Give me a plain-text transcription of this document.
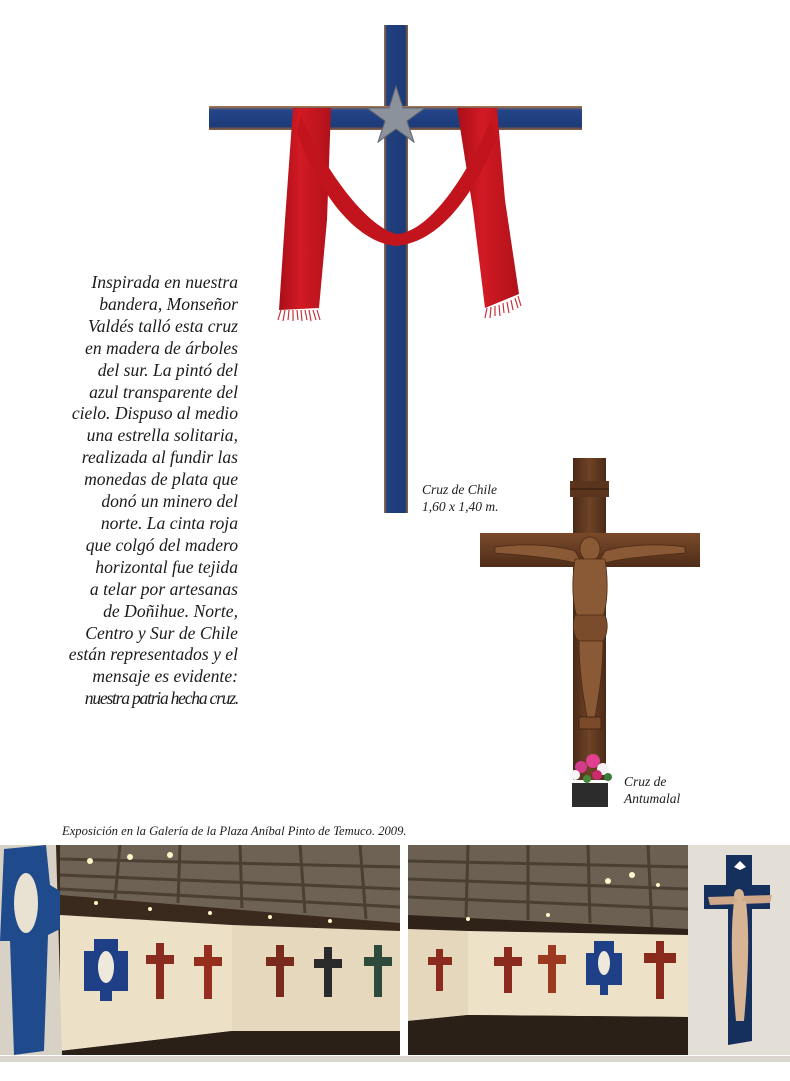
Inspirada en nuestra
bandera, Monseñor
Valdés talló esta cruz
en madera de árboles
del sur. La pintó del
azul transparente del
cielo. Dispuso al medio
una estrella solitaria,
realizada al fundir las
monedas de plata que
donó un minero del
norte. La cinta roja
que colgó del madero
horizontal fue tejida
a telar por artesanas
de Doñihue. Norte,
Centro y Sur de Chile
están representados y el
mensaje es evidente:
nuestra patria hecha cruz.
Cruz de Chile
1,60 x 1,40 m.
Cruz de
Antumalal
Exposición en la Galería de la Plaza Aníbal Pinto de Temuco. 2009.
